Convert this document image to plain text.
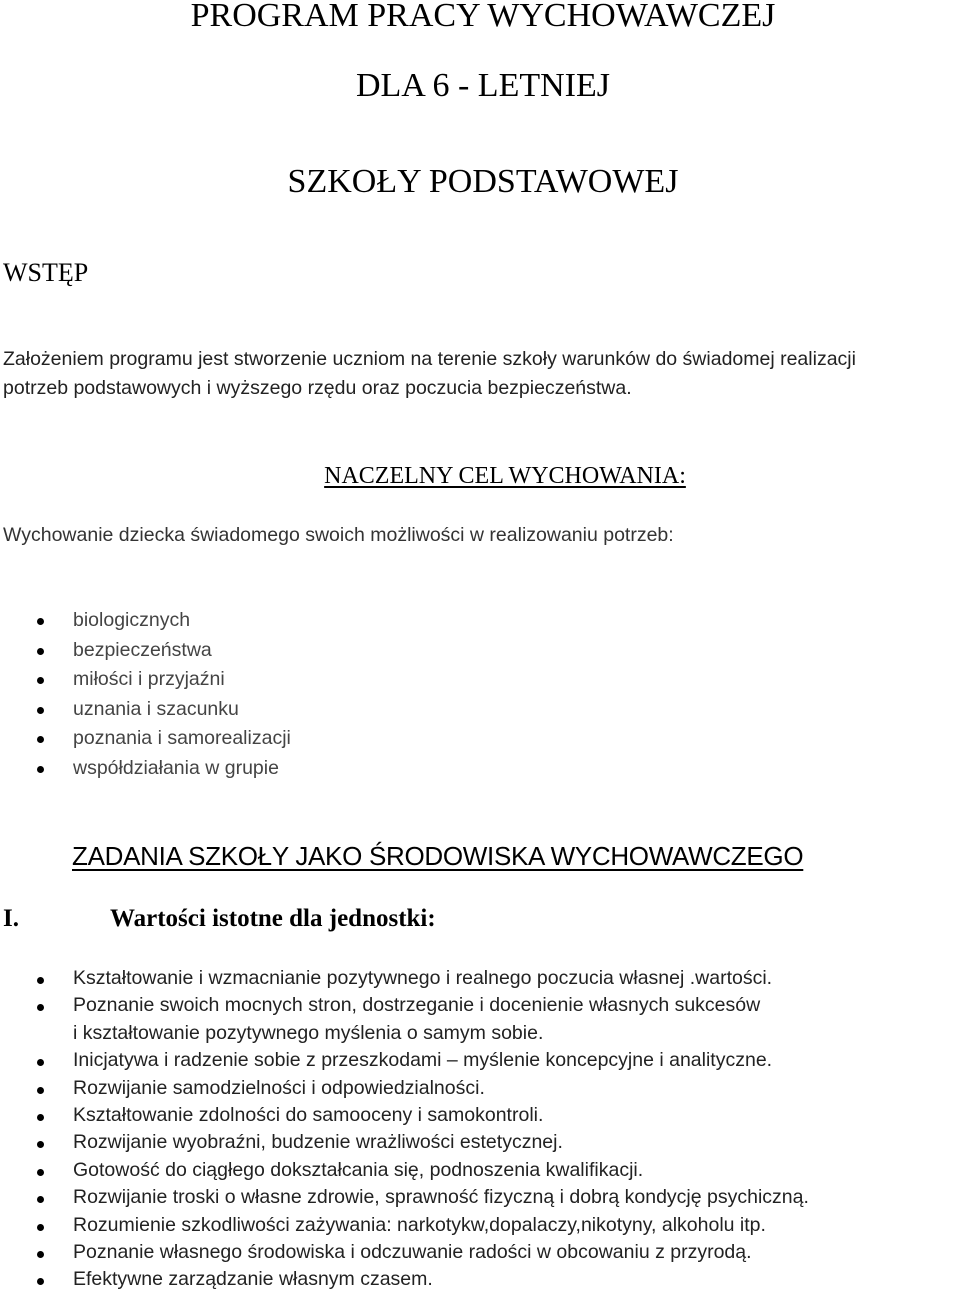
PROGRAM PRACY WYCHOWAWCZEJ
DLA 6 - LETNIEJ
SZKOŁY PODSTAWOWEJ
WSTĘP
Założeniem programu jest stworzenie uczniom na terenie szkoły warunków do świadomej realizacji
potrzeb podstawowych i wyższego rzędu oraz poczucia bezpieczeństwa.
NACZELNY CEL WYCHOWANIA:
Wychowanie dziecka świadomego swoich możliwości w realizowaniu potrzeb:
biologicznych
bezpieczeństwa
miłości i przyjaźni
uznania i szacunku
poznania i samorealizacji
współdziałania w grupie
ZADANIA SZKOŁY JAKO ŚRODOWISKA WYCHOWAWCZEGO
I.	Wartości istotne dla jednostki:
Kształtowanie i wzmacnianie pozytywnego i realnego poczucia własnej .wartości.
Poznanie swoich mocnych stron, dostrzeganie i docenienie własnych sukcesów
i kształtowanie pozytywnego myślenia o samym sobie.
Inicjatywa i radzenie sobie z przeszkodami – myślenie koncepcyjne i analityczne.
Rozwijanie samodzielności i odpowiedzialności.
Kształtowanie zdolności do samooceny i samokontroli.
Rozwijanie wyobraźni, budzenie wrażliwości estetycznej.
Gotowość do ciągłego dokształcania się, podnoszenia kwalifikacji.
Rozwijanie troski o własne zdrowie, sprawność fizyczną i dobrą kondycję psychiczną.
Rozumienie szkodliwości zażywania: narkotykw,dopalaczy,nikotyny, alkoholu itp.
Poznanie własnego środowiska i odczuwanie radości w obcowaniu z przyrodą.
Efektywne zarządzanie własnym czasem.
